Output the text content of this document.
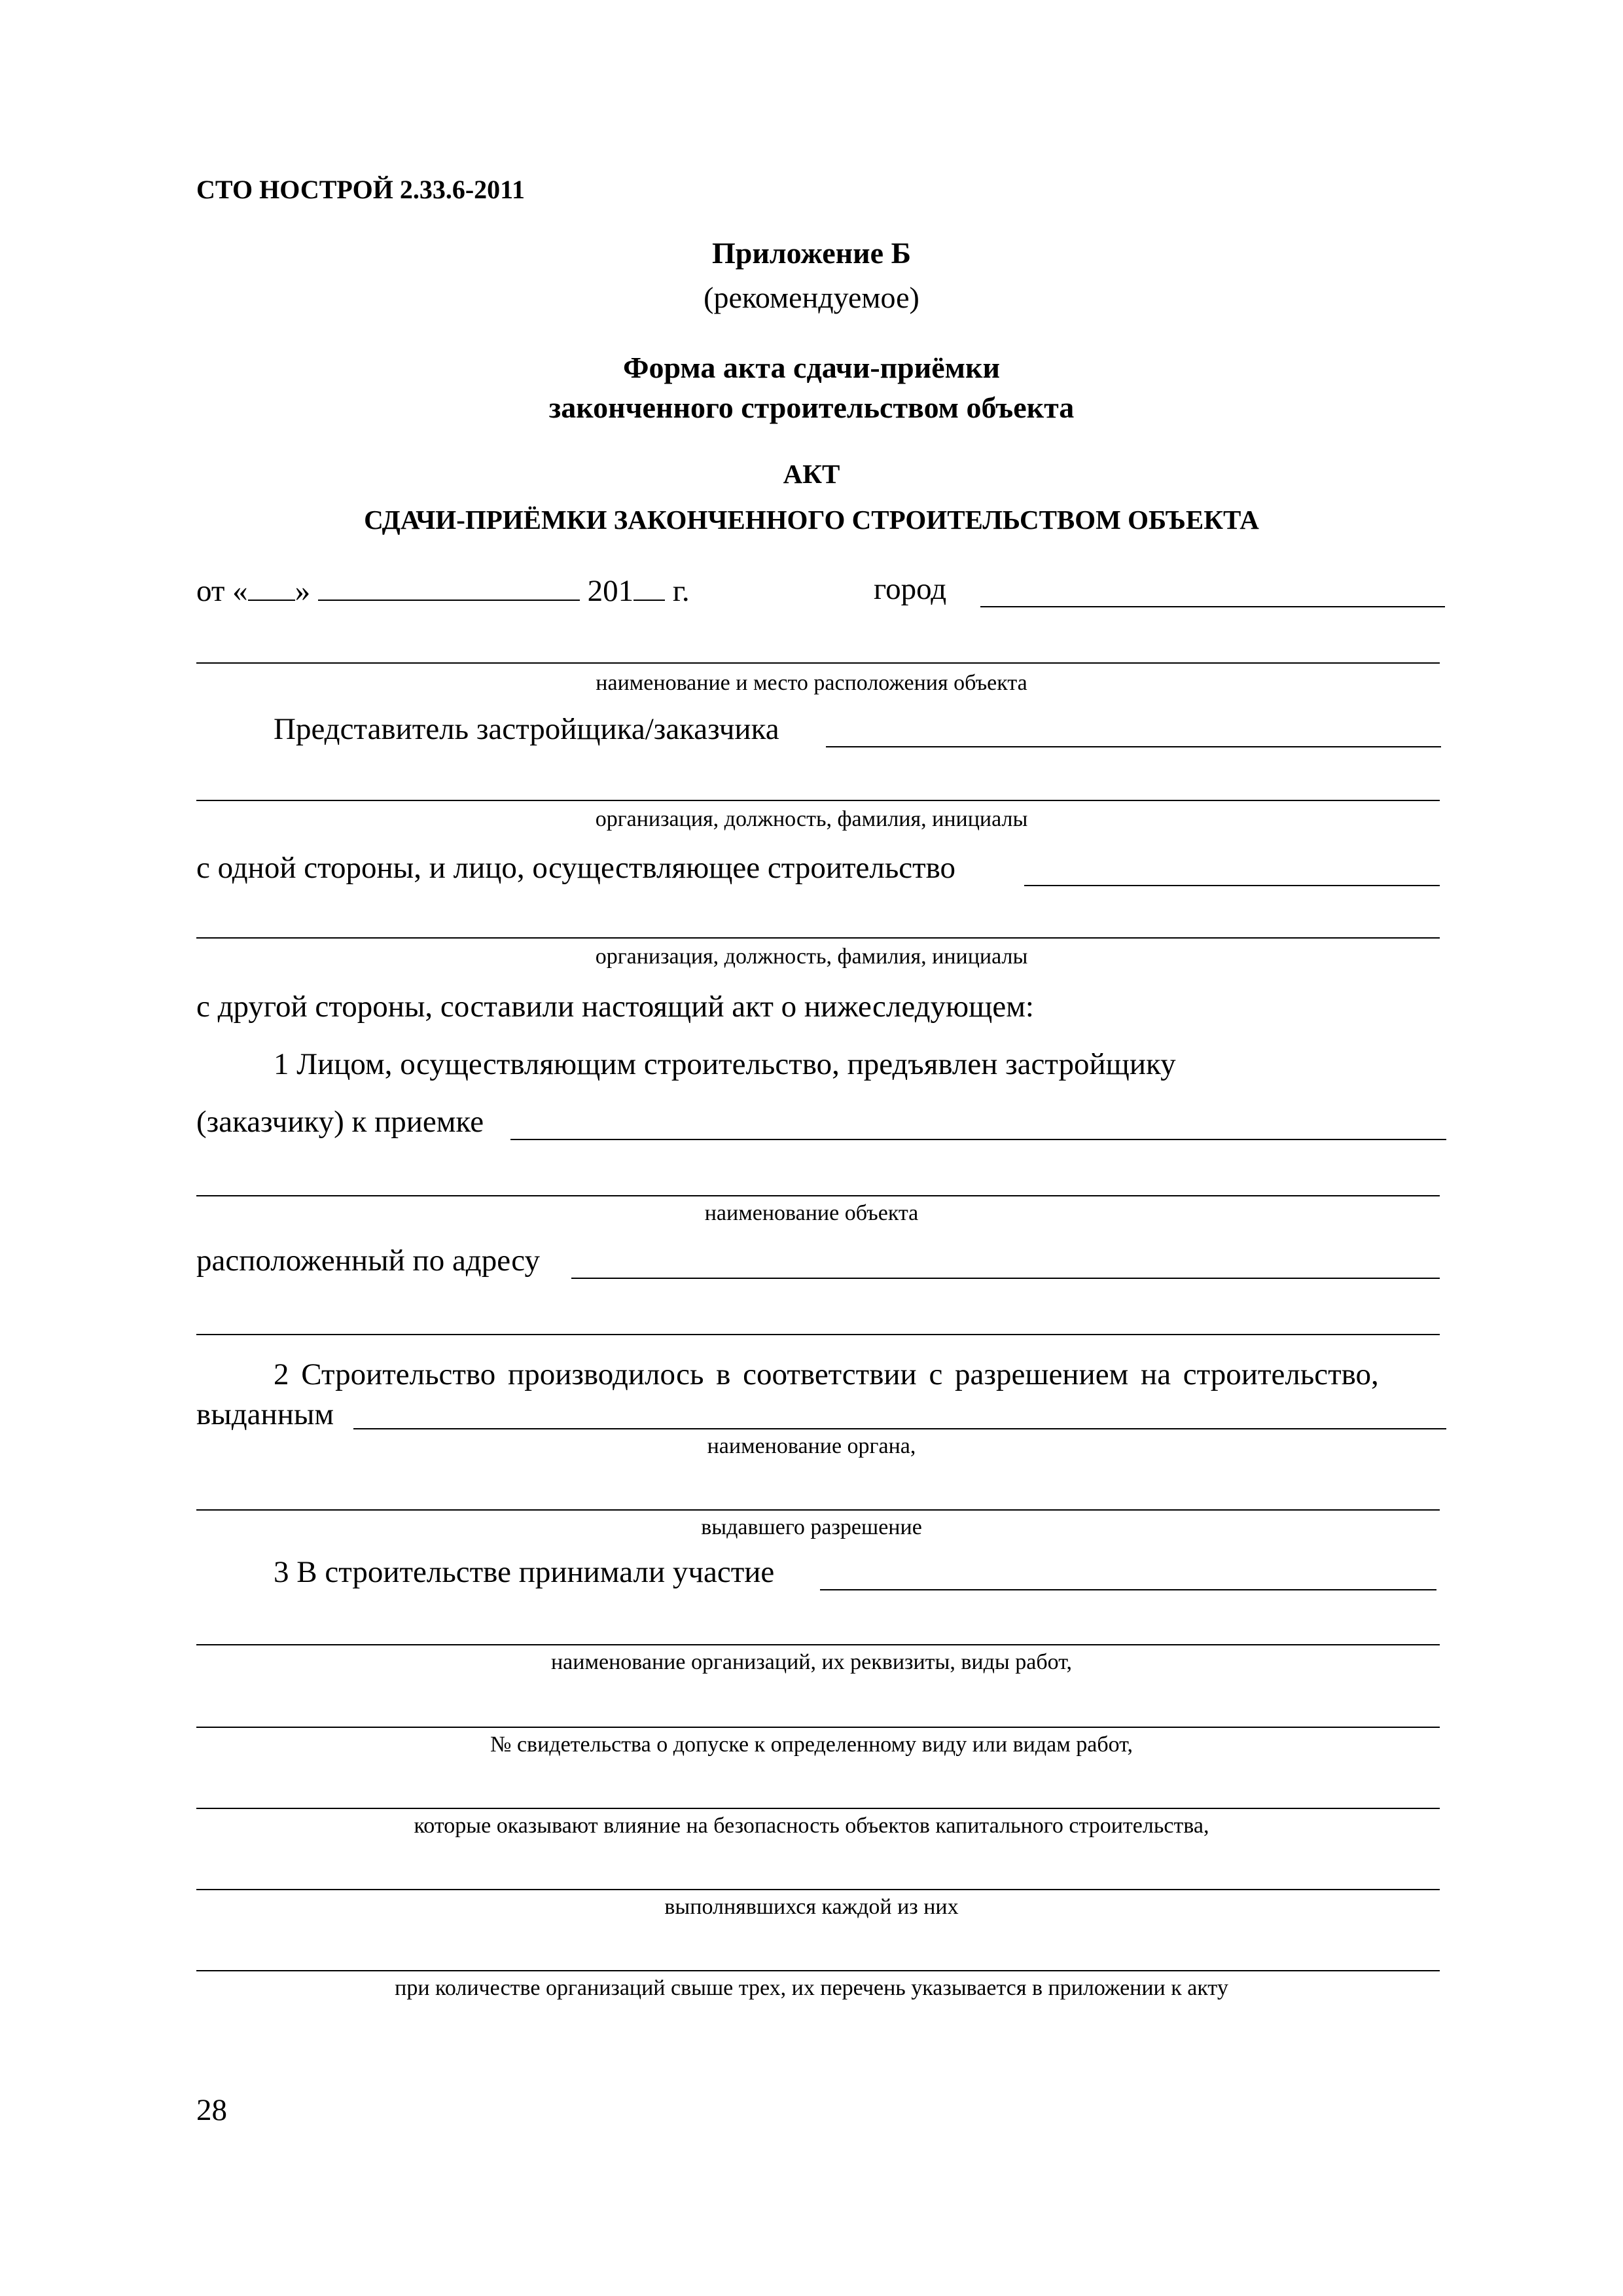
СТО НОСТРОЙ 2.33.6-2011
Приложение Б
(рекомендуемое)
Форма акта сдачи-приёмки
законченного строительством объекта
АКТ
СДАЧИ-ПРИЁМКИ ЗАКОНЧЕННОГО СТРОИТЕЛЬСТВОМ ОБЪЕКТА
от « »	201 г.	город
наименование и место расположения объекта
Представитель застройщика/заказчика
организация, должность, фамилия, инициалы
с одной стороны, и лицо, осуществляющее строительство
организация, должность, фамилия, инициалы
с другой стороны, составили настоящий акт о нижеследующем:
1 Лицом, осуществляющим строительство, предъявлен застройщику
(заказчику) к приемке
наименование объекта
расположенный по адресу
2 Строительство производилось в соответствии с разрешением на строительство,
выданным
наименование органа,
выдавшего разрешение
3 В строительстве принимали участие
наименование организаций, их реквизиты, виды работ,
№ свидетельства о допуске к определенному виду или видам работ,
которые оказывают влияние на безопасность объектов капитального строительства,
выполнявшихся каждой из них
при количестве организаций свыше трех, их перечень указывается в приложении к акту
28
